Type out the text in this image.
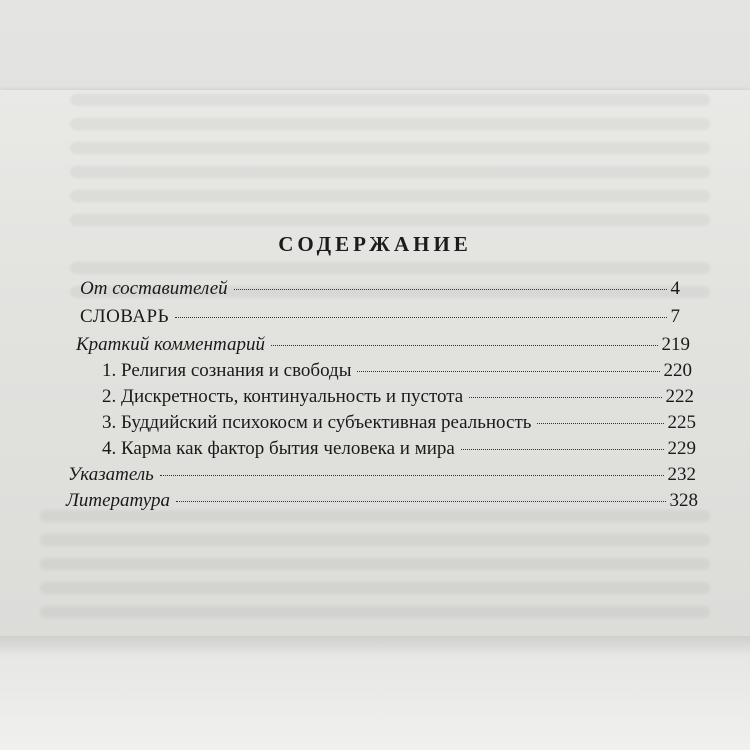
СОДЕРЖАНИЕ
От составителей	4
СЛОВАРЬ	7
Краткий комментарий	219
1. Религия сознания и свободы	220
2. Дискретность, континуальность и пустота	222
3. Буддийский психокосм и субъективная реальность	225
4. Карма как фактор бытия человека и мира	229
Указатель	232
Литература	328
